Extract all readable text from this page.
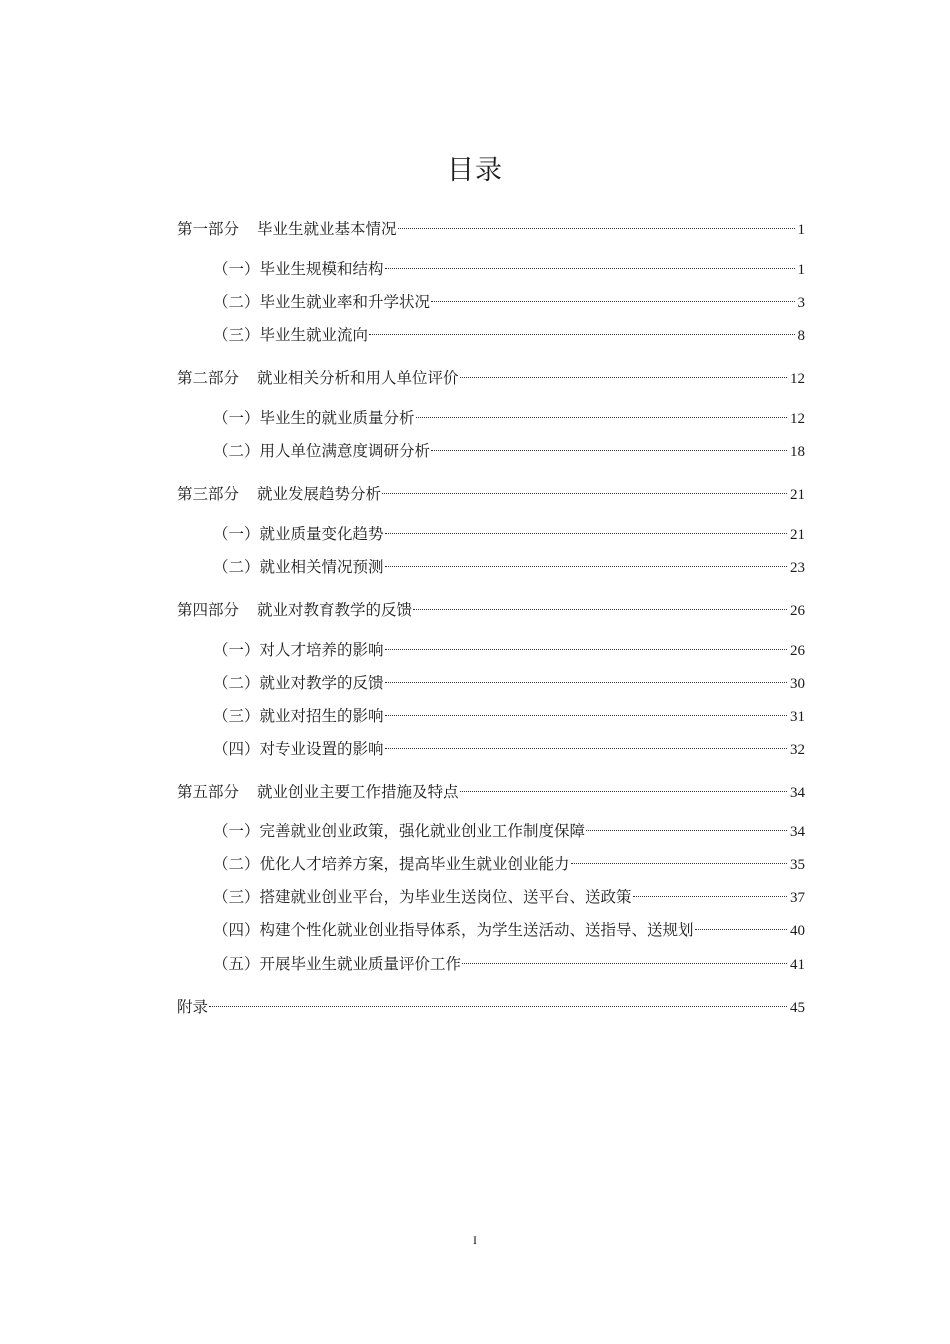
目录
第一部分 毕业生就业基本情况	1
（一） 毕业生规模和结构	1
（二） 毕业生就业率和升学状况	3
（三） 毕业生就业流向	8
第二部分 就业相关分析和用人单位评价	12
（一） 毕业生的就业质量分析	12
（二） 用人单位满意度调研分析	18
第三部分 就业发展趋势分析	21
（一） 就业质量变化趋势	21
（二） 就业相关情况预测	23
第四部分 就业对教育教学的反馈	26
（一） 对人才培养的影响	26
（二） 就业对教学的反馈	30
（三） 就业对招生的影响	31
（四） 对专业设置的影响	32
第五部分 就业创业主要工作措施及特点	34
（一） 完善就业创业政策，强化就业创业工作制度保障	34
（二） 优化人才培养方案，提高毕业生就业创业能力	35
（三） 搭建就业创业平台，为毕业生送岗位、送平台、送政策	37
（四） 构建个性化就业创业指导体系，为学生送活动、送指导、送规划	40
（五） 开展毕业生就业质量评价工作	41
附录	45
I
